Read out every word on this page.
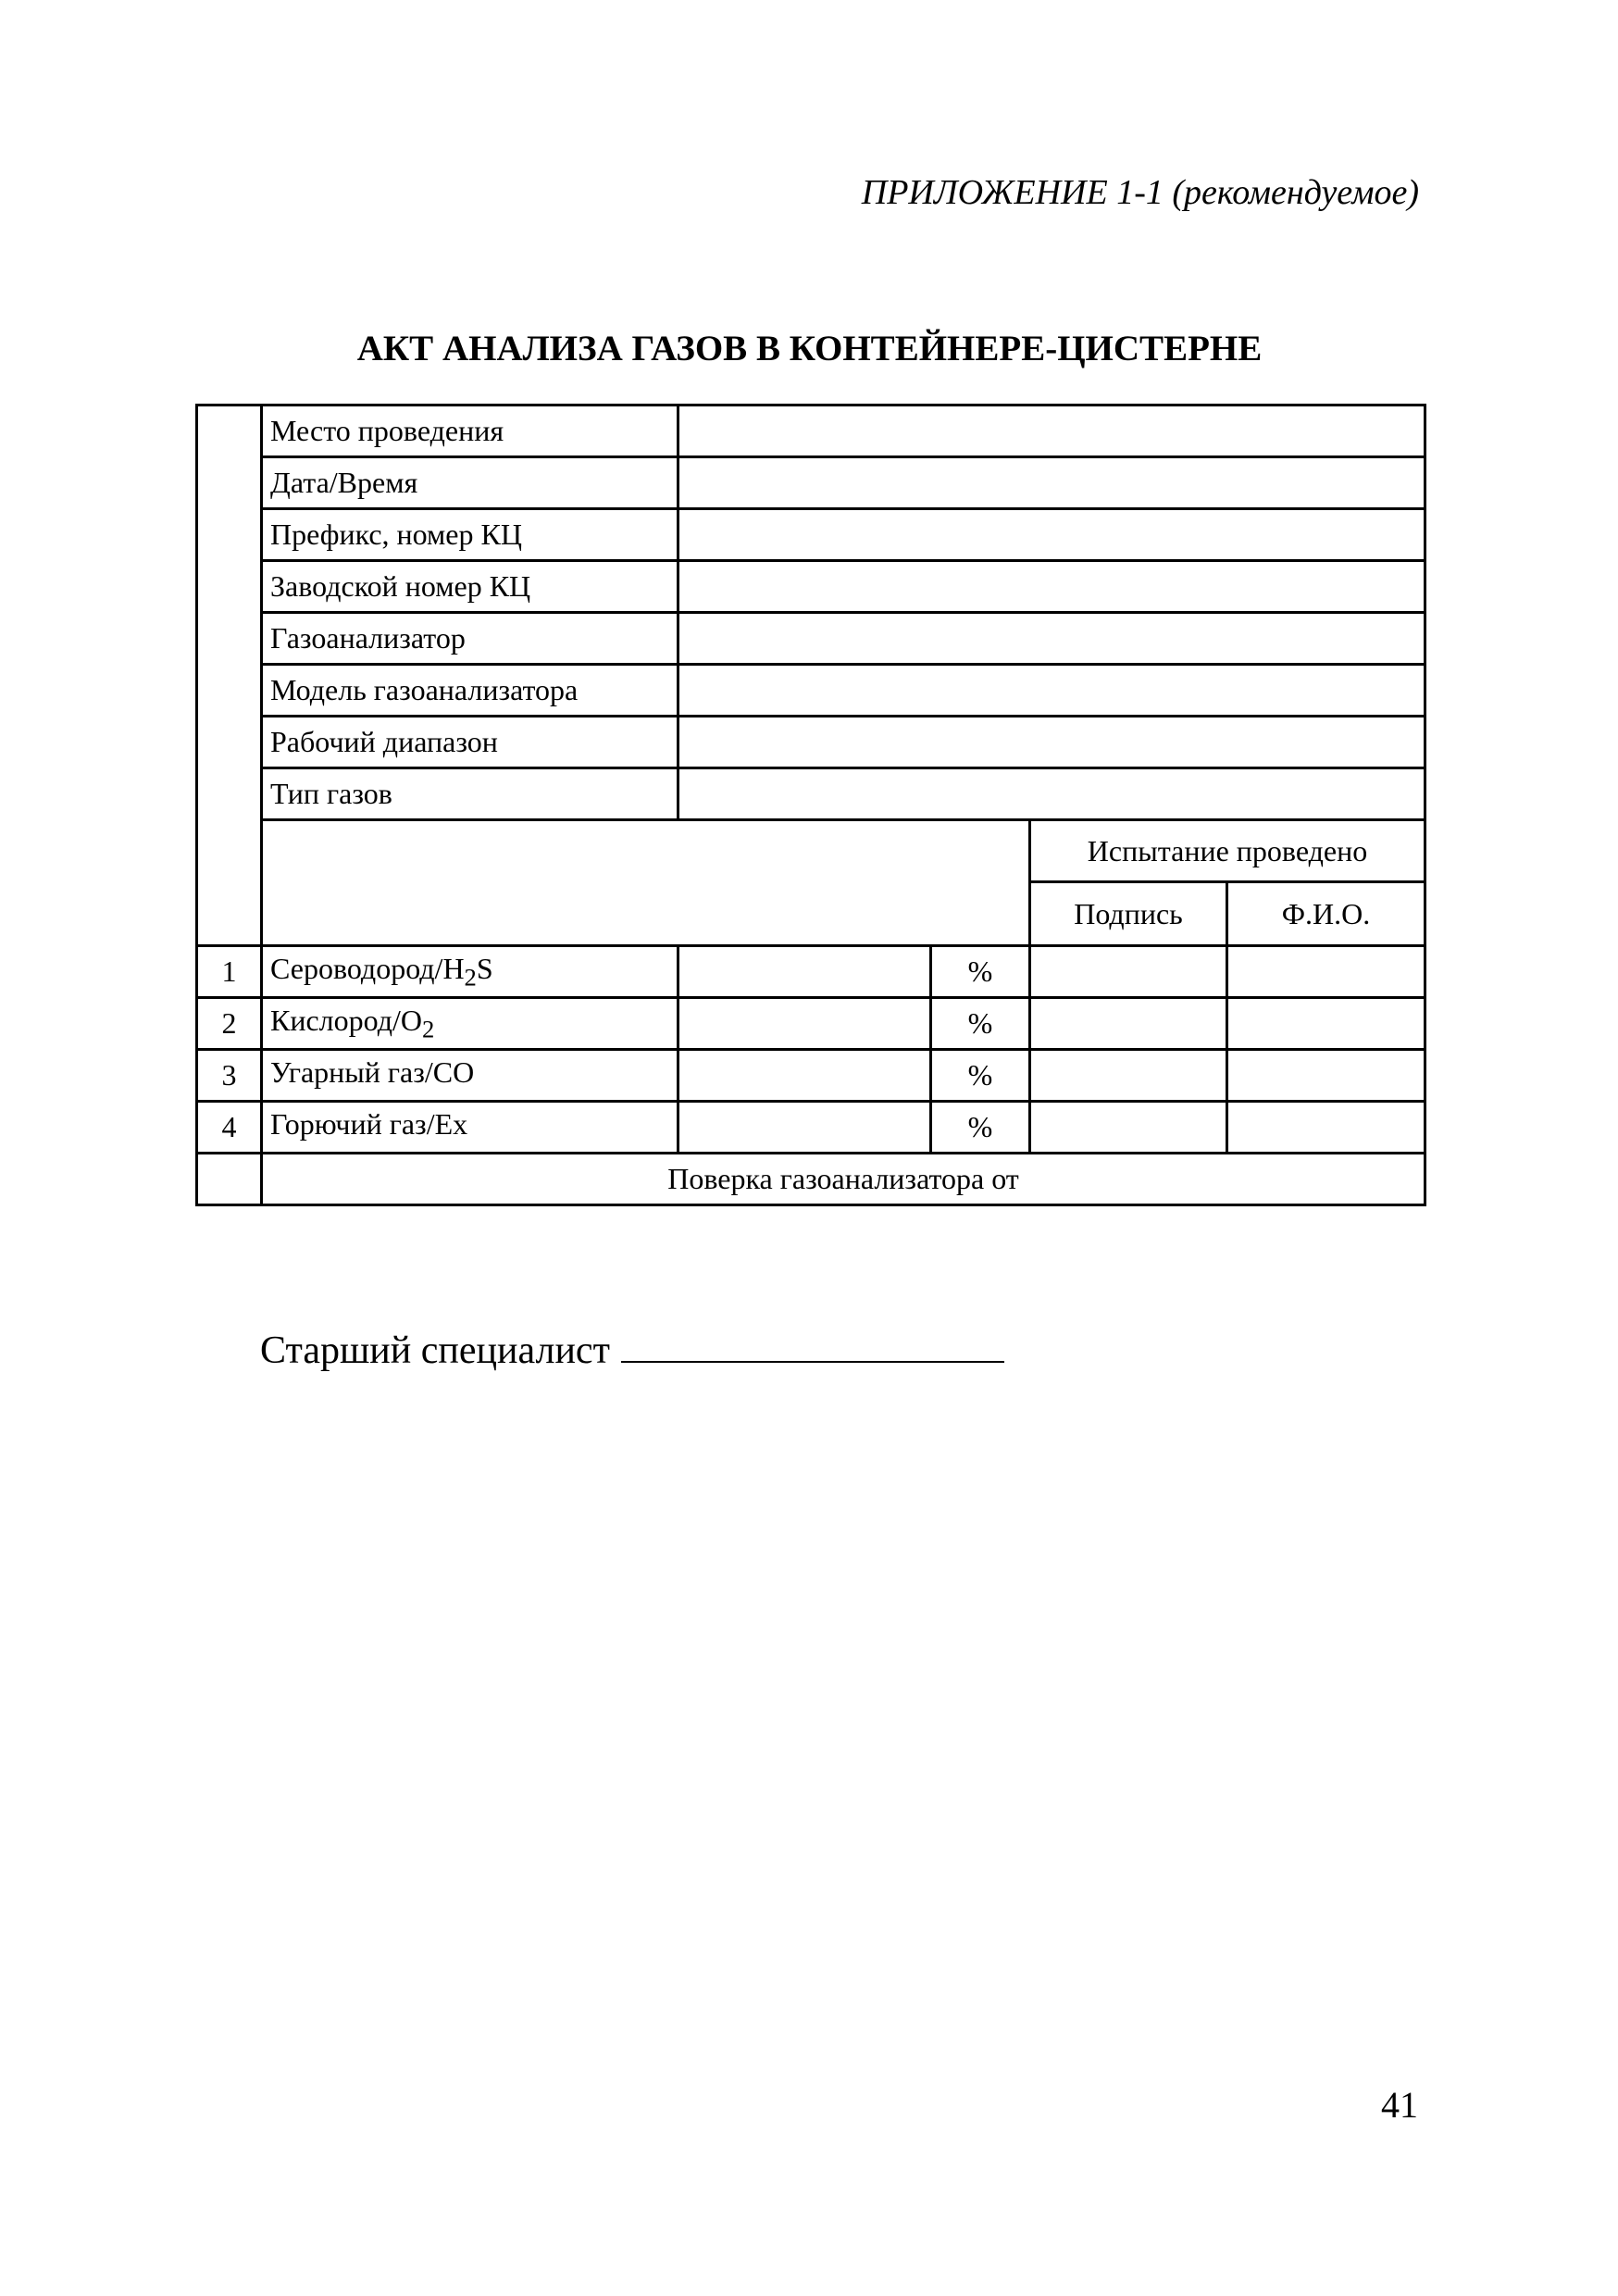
ПРИЛОЖЕНИЕ 1-1 (рекомендуемое)
АКТ АНАЛИЗА ГАЗОВ В КОНТЕЙНЕРЕ-ЦИСТЕРНЕ
	Место проведения				
	Дата/Время				
	Префикс, номер КЦ				
	Заводской номер КЦ				
	Газоанализатор				
	Модель газоанализатора				
	Рабочий диапазон				
	Тип газов				
				Испытание проведено	
				Подпись	Ф.И.О.
1	Сероводород/$H_2S$		%		
2	Кислород/$O_2$		%		
3	Угарный газ/CO		%		
4	Горючий газ/Ex		%		
	Поверка газоанализатора от				
Старший специалист
41
